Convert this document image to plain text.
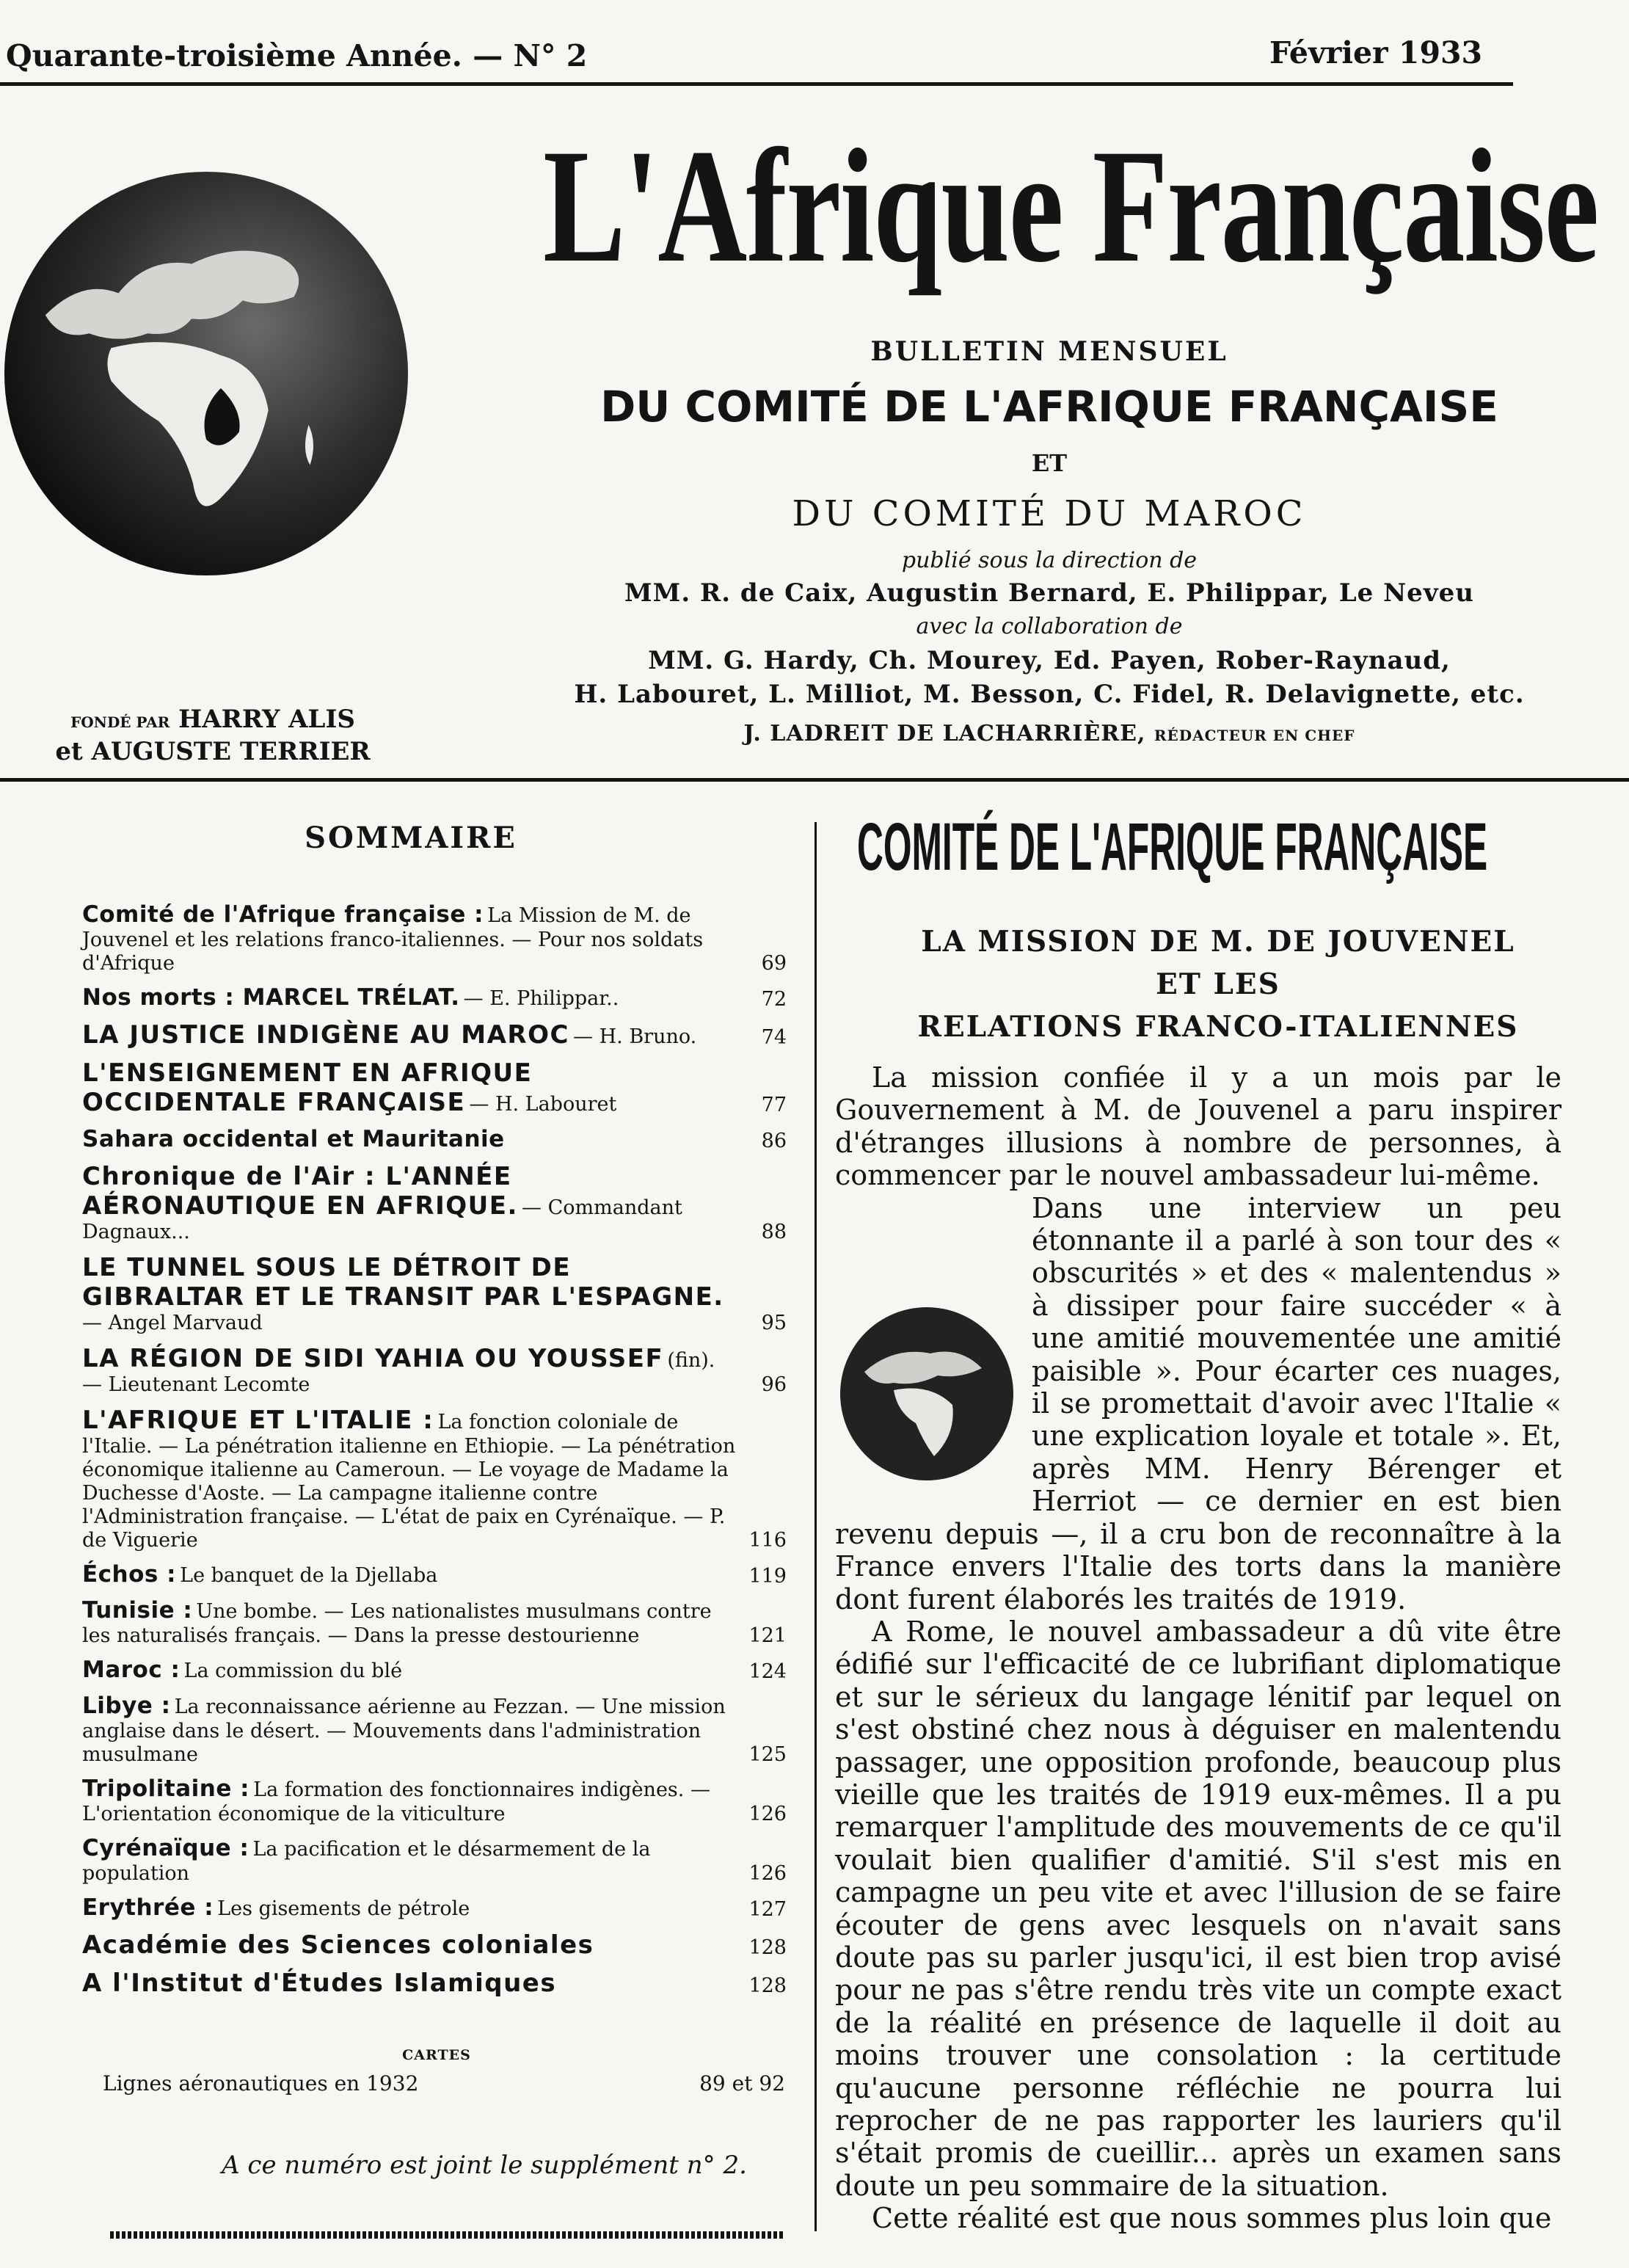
Quarante-troisième Année. — N° 2	Février 1933
L'Afrique Française
BULLETIN MENSUEL
DU COMITÉ DE L'AFRIQUE FRANÇAISE
ET
DU COMITÉ DU MAROC
publié sous la direction de
MM. R. de Caix, Augustin Bernard, E. Philippar, Le Neveu
avec la collaboration de
MM. G. Hardy, Ch. Mourey, Ed. Payen, Rober-Raynaud,
H. Labouret, L. Milliot, M. Besson, C. Fidel, R. Delavignette, etc.
J. LADREIT DE LACHARRIÈRE, RÉDACTEUR EN CHEF
FONDÉ PAR HARRY ALIS
et AUGUSTE TERRIER
SOMMAIRE
Comité de l'Afrique française : La Mission de M. de Jouvenel et les relations franco-italiennes. — Pour nos soldats d'Afrique	69
Nos morts : MARCEL TRÉLAT. — E. Philippar..	72
LA JUSTICE INDIGÈNE AU MAROC — H. Bruno.	74
L'ENSEIGNEMENT EN AFRIQUE OCCIDENTALE FRANÇAISE — H. Labouret	77
Sahara occidental et Mauritanie	86
Chronique de l'Air : L'ANNÉE AÉRONAUTIQUE EN AFRIQUE. — Commandant Dagnaux...	88
LE TUNNEL SOUS LE DÉTROIT DE GIBRALTAR ET LE TRANSIT PAR L'ESPAGNE. — Angel Marvaud	95
LA RÉGION DE SIDI YAHIA OU YOUSSEF (fin). — Lieutenant Lecomte	96
L'AFRIQUE ET L'ITALIE : La fonction coloniale de l'Italie. — La pénétration italienne en Ethiopie. — La pénétration économique italienne au Cameroun. — Le voyage de Madame la Duchesse d'Aoste. — La campagne italienne contre l'Administration française. — L'état de paix en Cyrénaïque. — P. de Viguerie	116
Échos : Le banquet de la Djellaba	119
Tunisie : Une bombe. — Les nationalistes musulmans contre les naturalisés français. — Dans la presse destourienne	121
Maroc : La commission du blé	124
Libye : La reconnaissance aérienne au Fezzan. — Une mission anglaise dans le désert. — Mouvements dans l'administration musulmane	125
Tripolitaine : La formation des fonctionnaires indigènes. — L'orientation économique de la viticulture	126
Cyrénaïque : La pacification et le désarmement de la population	126
Erythrée : Les gisements de pétrole	127
Académie des Sciences coloniales	128
A l'Institut d'Études Islamiques	128
CARTES
Lignes aéronautiques en 1932	89 et 92
A ce numéro est joint le supplément n° 2.
COMITÉ DE L'AFRIQUE FRANÇAISE
LA MISSION DE M. DE JOUVENEL
ET LES
RELATIONS FRANCO-ITALIENNES

La mission confiée il y a un mois par le Gouvernement à M. de Jouvenel a paru inspirer d'étranges illusions à nombre de personnes, à commencer par le nouvel ambassadeur lui-même.

Dans une interview un peu étonnante il a parlé à son tour des « obscurités » et des « malentendus » à dissiper pour faire succéder « à une amitié mouvementée une amitié paisible ». Pour écarter ces nuages, il se promettait d'avoir avec l'Italie « une explication loyale et totale ». Et, après MM. Henry Bérenger et Herriot — ce dernier en est bien revenu depuis —, il a cru bon de reconnaître à la France envers l'Italie des torts dans la manière dont furent élaborés les traités de 1919.

A Rome, le nouvel ambassadeur a dû vite être édifié sur l'efficacité de ce lubrifiant diplomatique et sur le sérieux du langage lénitif par lequel on s'est obstiné chez nous à déguiser en malentendu passager, une opposition profonde, beaucoup plus vieille que les traités de 1919 eux-mêmes. Il a pu remarquer l'amplitude des mouvements de ce qu'il voulait bien qualifier d'amitié. S'il s'est mis en campagne un peu vite et avec l'illusion de se faire écouter de gens avec lesquels on n'avait sans doute pas su parler jusqu'ici, il est bien trop avisé pour ne pas s'être rendu très vite un compte exact de la réalité en présence de laquelle il doit au moins trouver une consolation : la certitude qu'aucune personne réfléchie ne pourra lui reprocher de ne pas rapporter les lauriers qu'il s'était promis de cueillir... après un examen sans doute un peu sommaire de la situation.

Cette réalité est que nous sommes plus loin que
